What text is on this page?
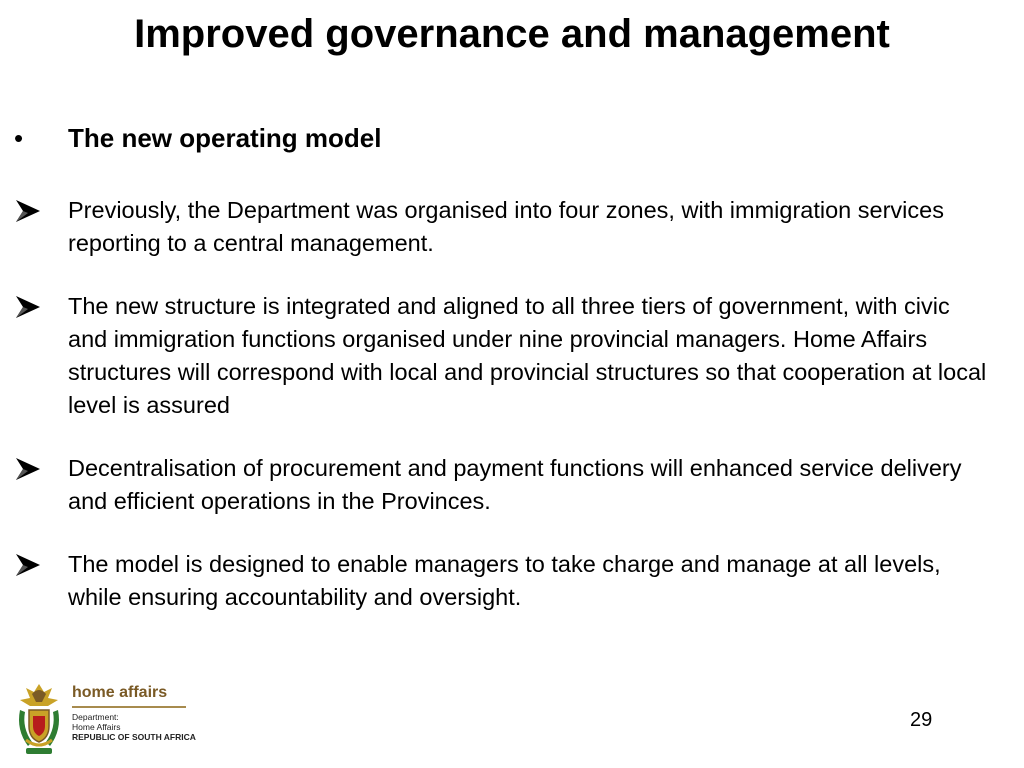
Improved governance and management
• The new operating model
Previously, the Department was organised into four zones, with immigration services reporting to a central management.
The new structure is integrated and aligned to all three tiers of government, with civic and immigration functions organised under nine provincial managers. Home Affairs structures will correspond with local and provincial structures so that cooperation at local level is assured
Decentralisation of procurement and payment functions will enhanced service delivery and efficient operations in the Provinces.
The model is designed to enable managers to take charge and manage at all levels, while ensuring accountability and oversight.
home affairs
Department:
Home Affairs
REPUBLIC OF SOUTH AFRICA
29
